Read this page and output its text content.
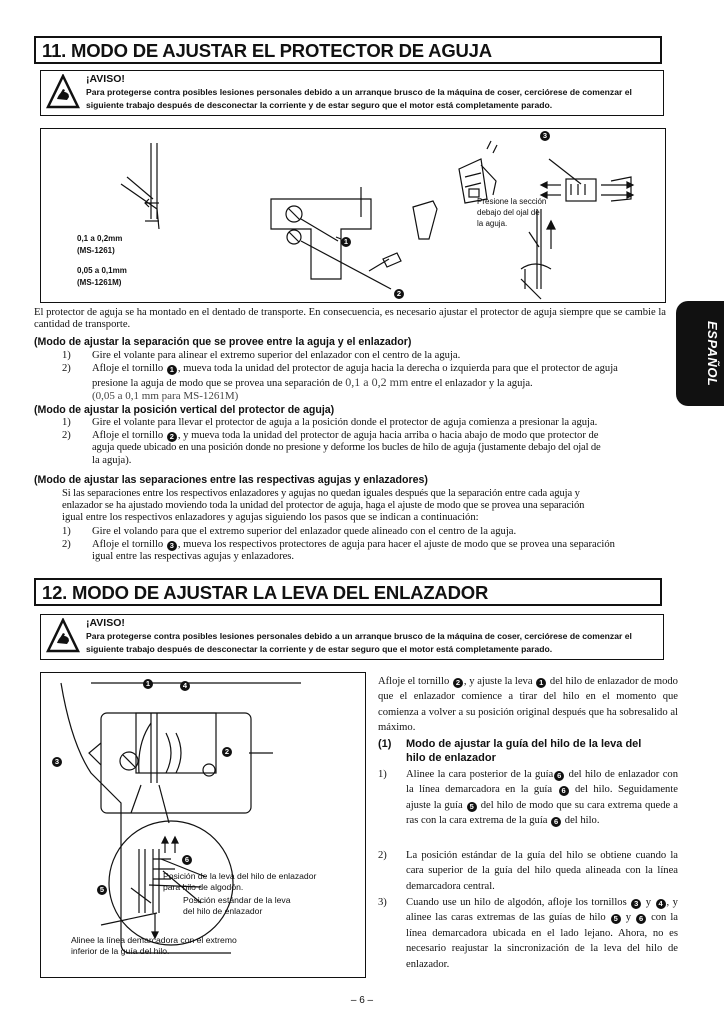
11. MODO DE AJUSTAR EL PROTECTOR DE AGUJA
¡AVISO!
Para protegerse contra posibles lesiones personales debido a un arranque brusco de la máquina de coser, cerciórese de comenzar el siguiente trabajo después de desconectar la corriente y de estar seguro que el motor está completamente parado.
0,1 a 0,2mm
(MS-1261)
0,05 a 0,1mm
(MS-1261M)
Presione la sección
debajo del ojal de
la aguja.
1
2
3
El protector de aguja se ha montado en el dentado de transporte. En consecuencia, es necesario ajustar el protector de aguja siempre que se cambie la cantidad de transporte.
(Modo de ajustar la separación que se provee entre la aguja y el enlazador)
1) Gire el volante para alinear el extremo superior del enlazador con el centro de la aguja.
2) Afloje el tornillo 1 , mueva toda la unidad del protector de aguja hacia la derecha o izquierda para que el protector de aguja
presione la aguja de modo que se provea una separación de 0,1 a 0,2 mm entre el enlazador y la aguja.
(0,05 a 0,1 mm para MS-1261M)
(Modo de ajustar la posición vertical del protector de aguja)
1) Gire el volante para llevar el protector de aguja a la posición donde el protector de aguja comienza a presionar la aguja.
2) Afloje el tornillo 2 , y mueva toda la unidad del protector de aguja hacia arriba o hacia abajo de modo que protector de
aguja quede ubicado en una posición donde no presione y deforme los bucles de hilo de aguja (justamente debajo del ojal de
la aguja).
(Modo de ajustar las separaciones entre las respectivas agujas y enlazadores)
Si las separaciones entre los respectivos enlazadores y agujas no quedan iguales después que la separación entre cada aguja y
enlazador se ha ajustado moviendo toda la unidad del protector de aguja, haga el ajuste de modo que se provea una separación
igual entre los respectivos enlazadores y agujas siguiendo los pasos que se indican a continuación:
1) Gire el volando para que el extremo superior del enlazador quede alineado con el centro de la aguja.
2) Afloje el tornillo 3 , mueva los respectivos protectores de aguja para hacer el ajuste de modo que se provea una separación
igual entre las respectivas agujas y enlazadores.
ESPAÑOL
12. MODO DE AJUSTAR LA LEVA DEL ENLAZADOR
¡AVISO!
Para protegerse contra posibles lesiones personales debido a un arranque brusco de la máquina de coser, cerciórese de comenzar el siguiente trabajo después de desconectar la corriente y de estar seguro que el motor está completamente parado.
1	4
2
3
6
5
Posición de la leva del hilo de enlazador
para hilo de algodón.
Posición estándar de la leva
del hilo de enlazador
Alinee la línea demarcadora con el extremo
inferior de la guía del hilo.
Afloje el tornillo 2 , y ajuste la leva 1 del hilo de enlazador de modo que el enlazador comience a tirar del hilo en el momento que comienza a volver a su posición original después que ha sobresalido al máximo.
(1) Modo de ajustar la guía del hilo de la leva del
hilo de enlazador
1) Alinee la cara posterior de la guía 6 del hilo de enlazador con la línea demarcadora en la guía 6 del hilo. Seguidamente ajuste la guía 5 del hilo de modo que su cara extrema quede a ras con la cara extrema de la guía 6 del hilo.
2) La posición estándar de la guía del hilo se obtiene cuando la cara superior de la guía del hilo queda alineada con la línea demarcadora central.
3) Cuando use un hilo de algodón, afloje los tornillos 3 y 4 , y alinee las caras extremas de las guías de hilo 5 y 6 con la línea demarcadora ubicada en el lado lejano. Ahora, no es necesario reajustar la sincronización de la leva del hilo de enlazador.
– 6 –
